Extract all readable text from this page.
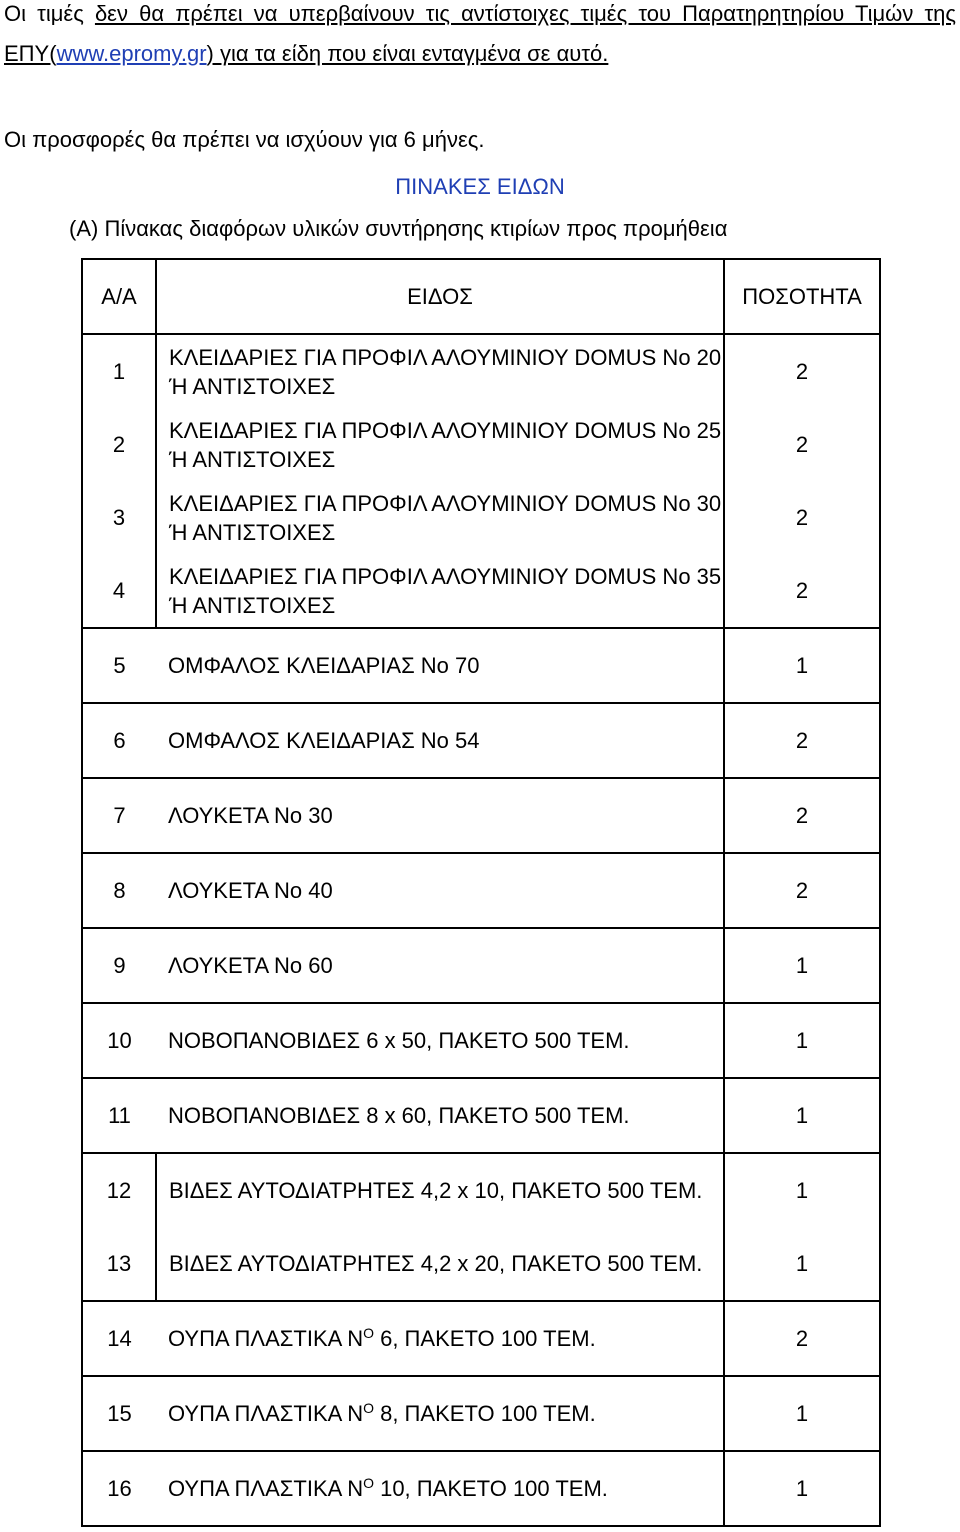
Οι τιμές δεν θα πρέπει να υπερβαίνουν τις αντίστοιχες τιμές του Παρατηρητηρίου Τιμών της ΕΠΥ(www.epromy.gr) για τα είδη που είναι ενταγμένα σε αυτό.
Οι προσφορές θα πρέπει να ισχύουν για 6 μήνες.
ΠΙΝΑΚΕΣ ΕΙΔΩΝ
(Α) Πίνακας διαφόρων υλικών συντήρησης κτιρίων προς προμήθεια
Α/Α	ΕΙΔΟΣ	ΠΟΣΟΤΗΤΑ
1	ΚΛΕΙΔΑΡΙΕΣ ΓΙΑ ΠΡΟΦΙΛ ΑΛΟΥΜΙΝΙΟΥ DOMUS No 20 Ή ΑΝΤΙΣΤΟΙΧΕΣ	2
2	ΚΛΕΙΔΑΡΙΕΣ ΓΙΑ ΠΡΟΦΙΛ ΑΛΟΥΜΙΝΙΟΥ DOMUS No 25 Ή ΑΝΤΙΣΤΟΙΧΕΣ	2
3	ΚΛΕΙΔΑΡΙΕΣ ΓΙΑ ΠΡΟΦΙΛ ΑΛΟΥΜΙΝΙΟΥ DOMUS No 30 Ή ΑΝΤΙΣΤΟΙΧΕΣ	2
4	ΚΛΕΙΔΑΡΙΕΣ ΓΙΑ ΠΡΟΦΙΛ ΑΛΟΥΜΙΝΙΟΥ DOMUS No 35 Ή ΑΝΤΙΣΤΟΙΧΕΣ	2
5	ΟΜΦΑΛΟΣ ΚΛΕΙΔΑΡΙΑΣ No 70	1
6	ΟΜΦΑΛΟΣ ΚΛΕΙΔΑΡΙΑΣ No 54	2
7	ΛΟΥΚΕΤΑ No 30	2
8	ΛΟΥΚΕΤΑ No 40	2
9	ΛΟΥΚΕΤΑ No 60	1
10	ΝΟΒΟΠΑΝΟΒΙΔΕΣ 6 x 50, ΠΑΚΕΤΟ 500 ΤΕΜ.	1
11	ΝΟΒΟΠΑΝΟΒΙΔΕΣ 8 x 60, ΠΑΚΕΤΟ 500 ΤΕΜ.	1
12	ΒΙΔΕΣ ΑΥΤΟΔΙΑΤΡΗΤΕΣ 4,2 x 10, ΠΑΚΕΤΟ 500 ΤΕΜ.	1
13	ΒΙΔΕΣ ΑΥΤΟΔΙΑΤΡΗΤΕΣ 4,2 x 20, ΠΑΚΕΤΟ 500 ΤΕΜ.	1
14	ΟΥΠΑ ΠΛΑΣΤΙΚΑ $N^O$ 6, ΠΑΚΕΤΟ 100 ΤΕΜ.	2
15	ΟΥΠΑ ΠΛΑΣΤΙΚΑ $N^O$ 8, ΠΑΚΕΤΟ 100 ΤΕΜ.	1
16	ΟΥΠΑ ΠΛΑΣΤΙΚΑ $N^O$ 10, ΠΑΚΕΤΟ 100 ΤΕΜ.	1
